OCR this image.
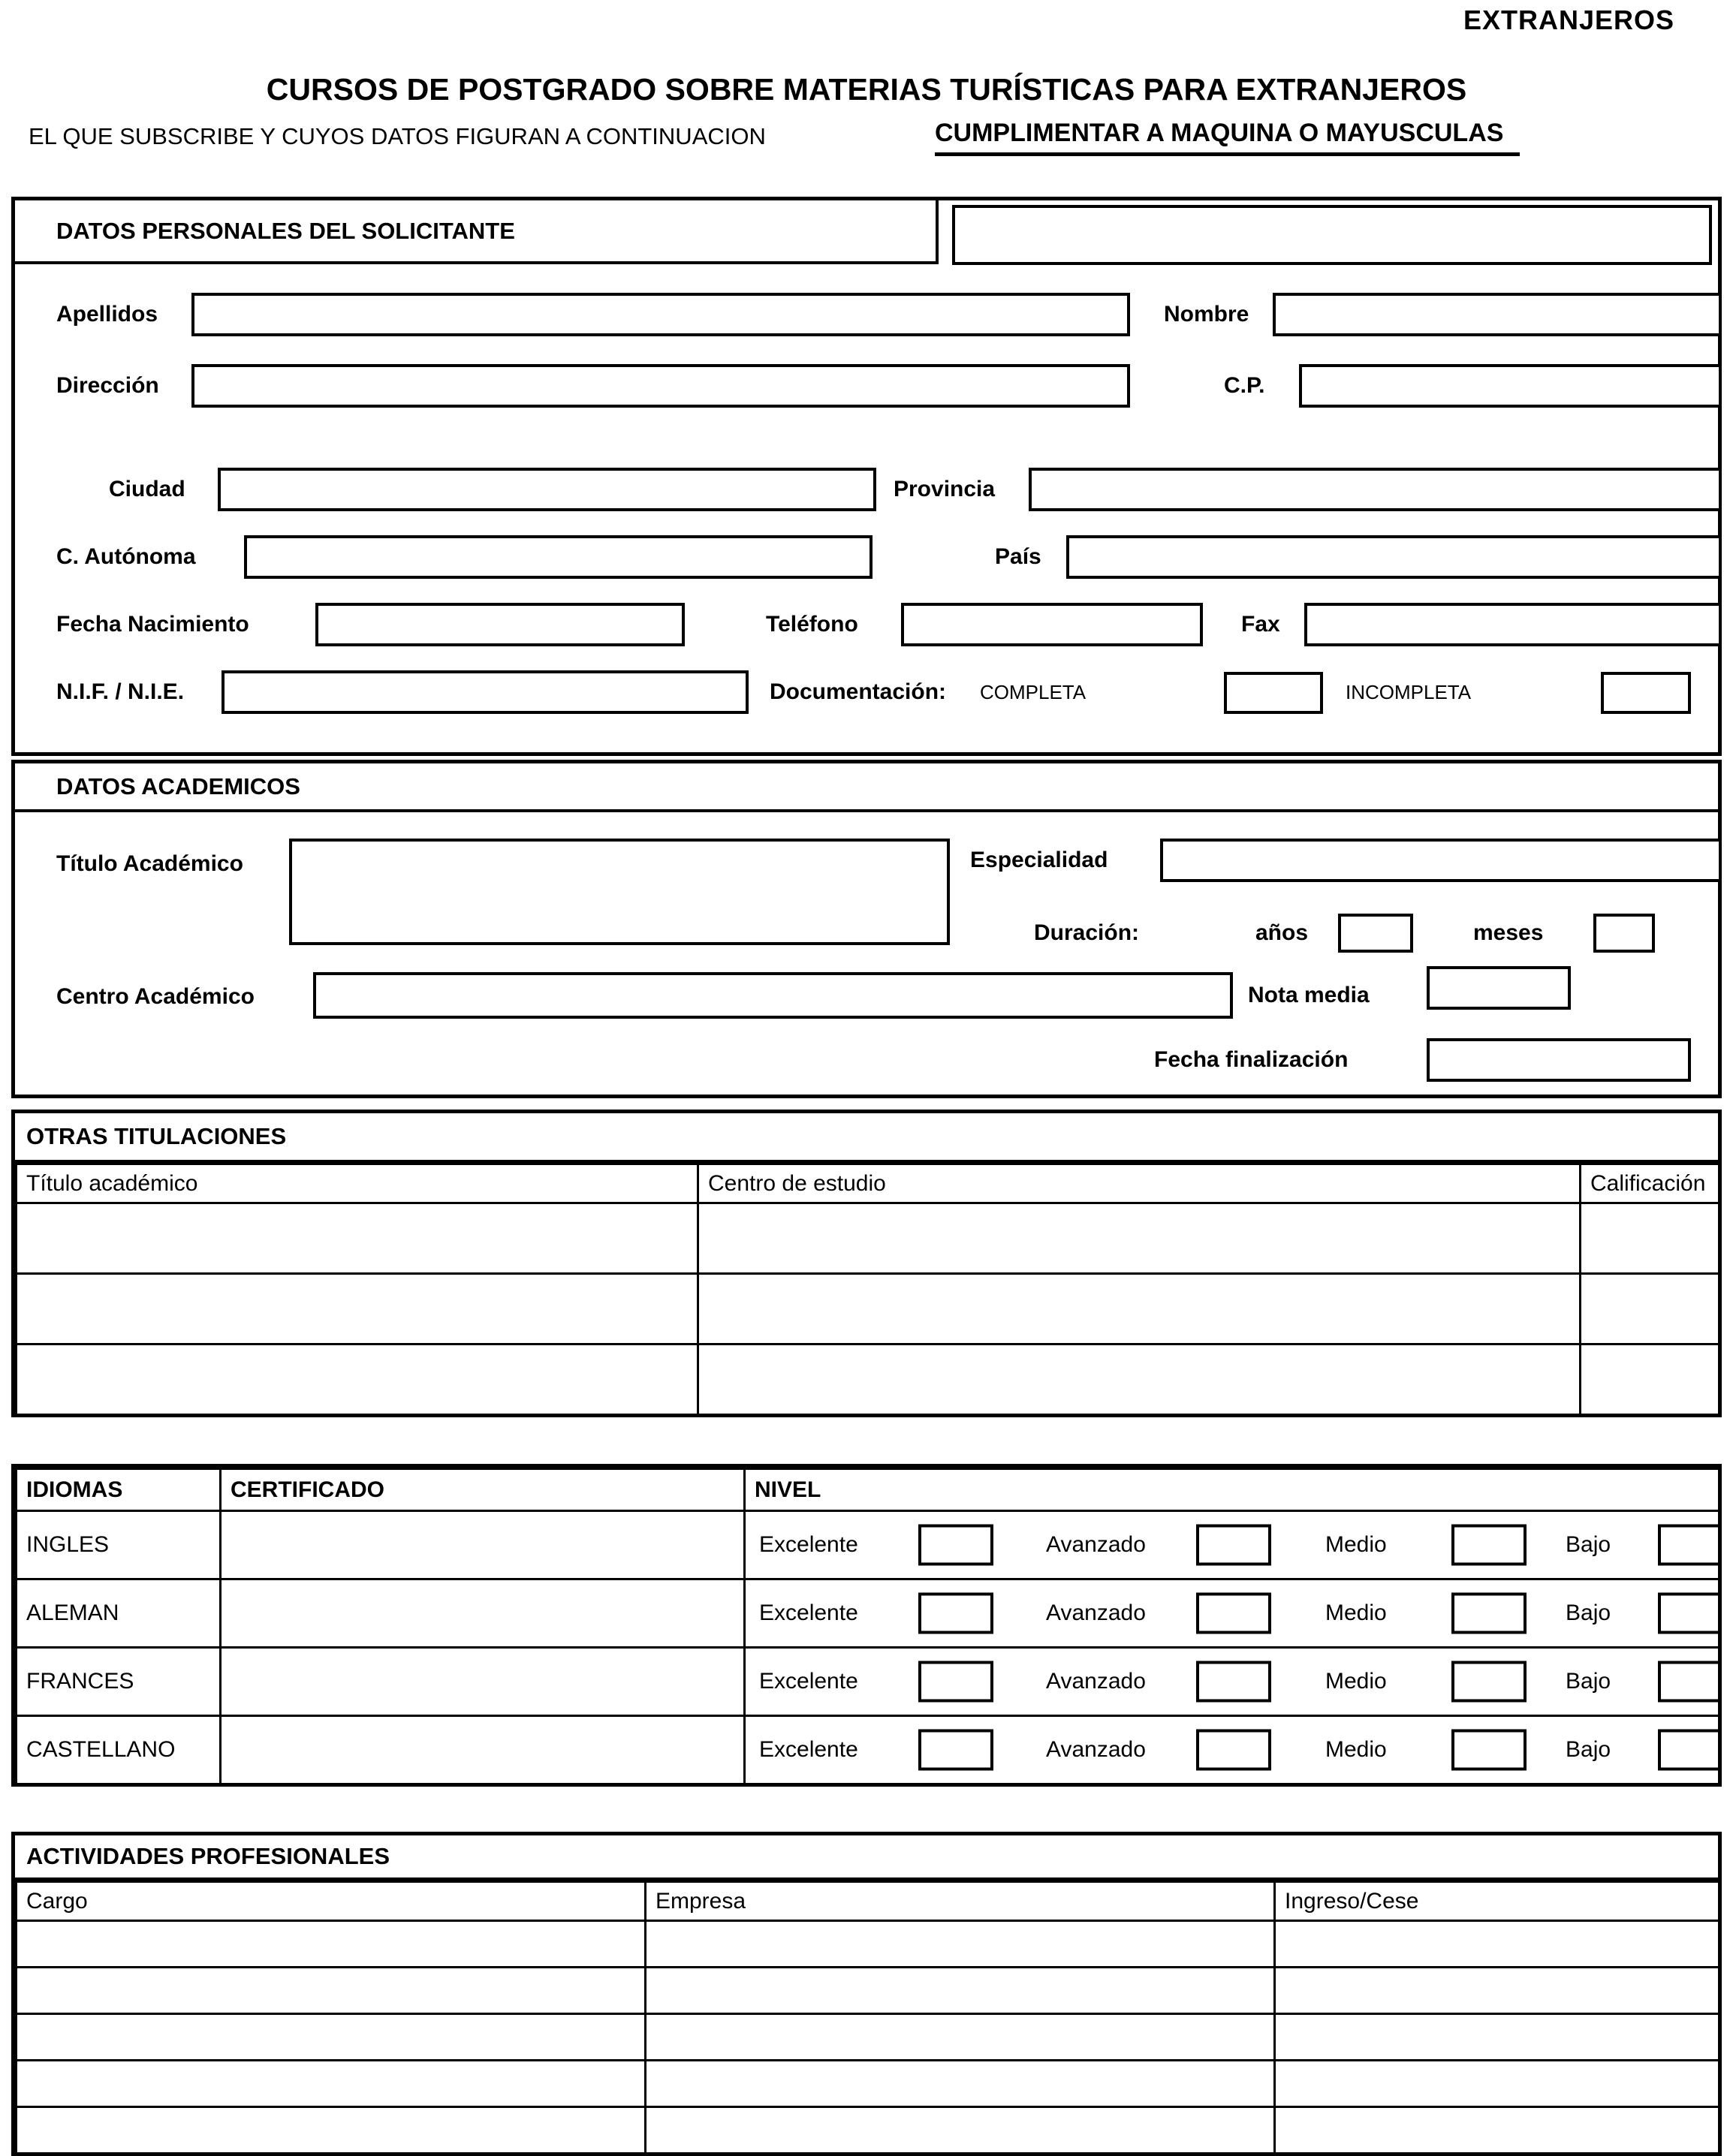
EXTRANJEROS
CURSOS DE POSTGRADO SOBRE MATERIAS TURÍSTICAS PARA EXTRANJEROS
EL QUE SUBSCRIBE Y CUYOS DATOS FIGURAN A CONTINUACION	CUMPLIMENTAR A MAQUINA O MAYUSCULAS
DATOS PERSONALES DEL SOLICITANTE
Apellidos	Nombre
Dirección	C.P.
Ciudad	Provincia
C. Autónoma	País
Fecha Nacimiento	Teléfono	Fax
N.I.F. / N.I.E.	Documentación: COMPLETA	INCOMPLETA
DATOS ACADEMICOS
Título Académico	Especialidad
Duración:	años	meses
Centro Académico	Nota media
Fecha finalización
OTRAS TITULACIONES
Título académico	Centro de estudio	Calificación

IDIOMAS	CERTIFICADO	NIVEL
INGLES		Excelente Avanzado Medio Bajo

ALEMAN		Excelente Avanzado Medio Bajo

FRANCES		Excelente Avanzado Medio Bajo

CASTELLANO		Excelente Avanzado Medio Bajo
ACTIVIDADES PROFESIONALES
Cargo	Empresa	Ingreso/Cese
